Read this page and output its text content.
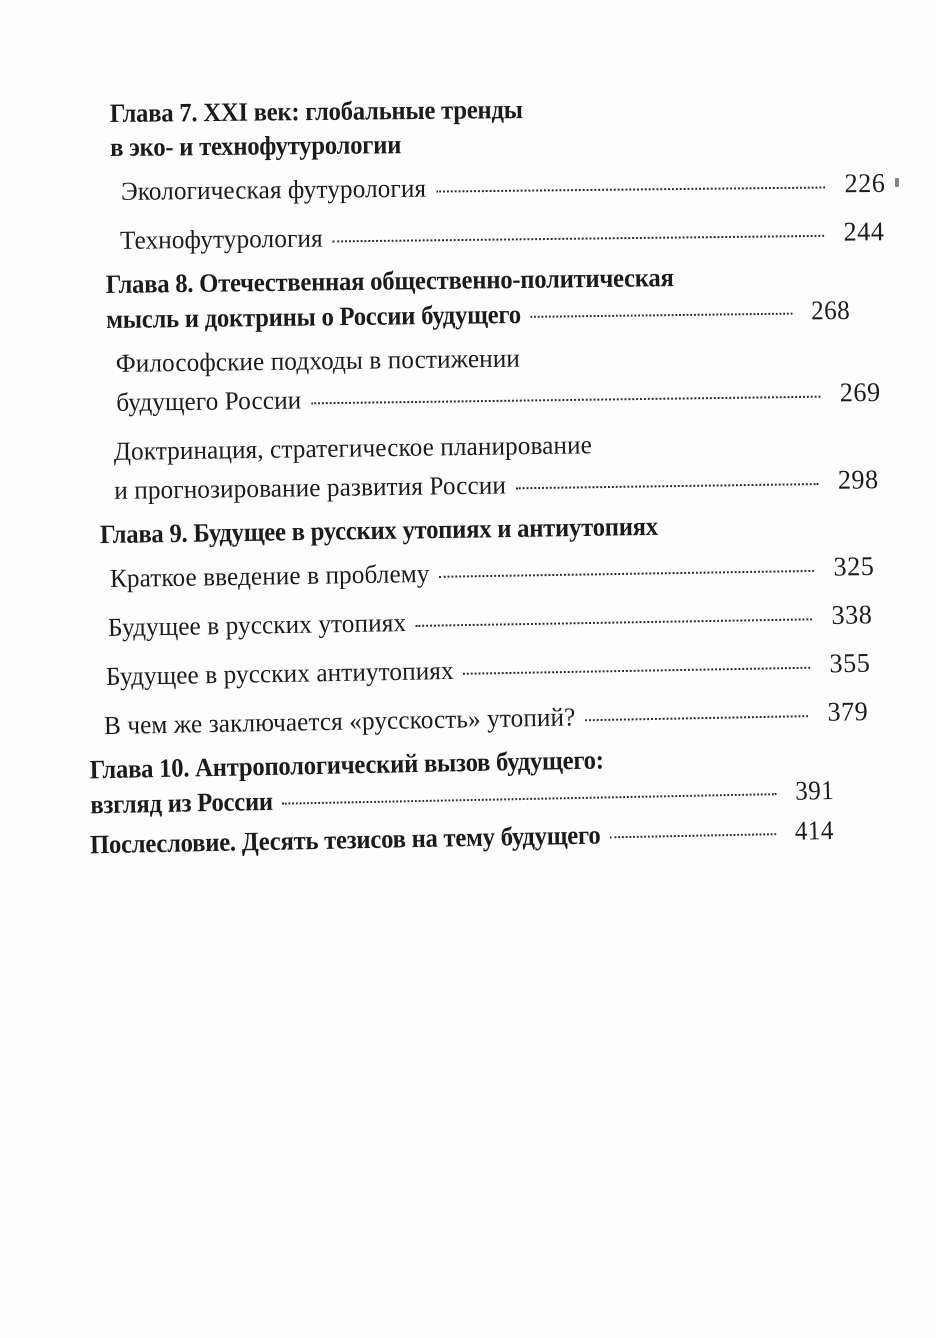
Глава 7. XXI век: глобальные тренды
в эко- и технофутурологии
Экологическая футурология	226
Технофутурология	244
Глава 8. Отечественная общественно-политическая
мысль и доктрины о России будущего	268
Философские подходы в постижении
будущего России	269
Доктринация, стратегическое планирование
и прогнозирование развития России	298
Глава 9. Будущее в русских утопиях и антиутопиях
Краткое введение в проблему	325
Будущее в русских утопиях	338
Будущее в русских антиутопиях	355
В чем же заключается «русскость» утопий?	379
Глава 10. Антропологический вызов будущего:
взгляд из России	391
Послесловие. Десять тезисов на тему будущего	414
